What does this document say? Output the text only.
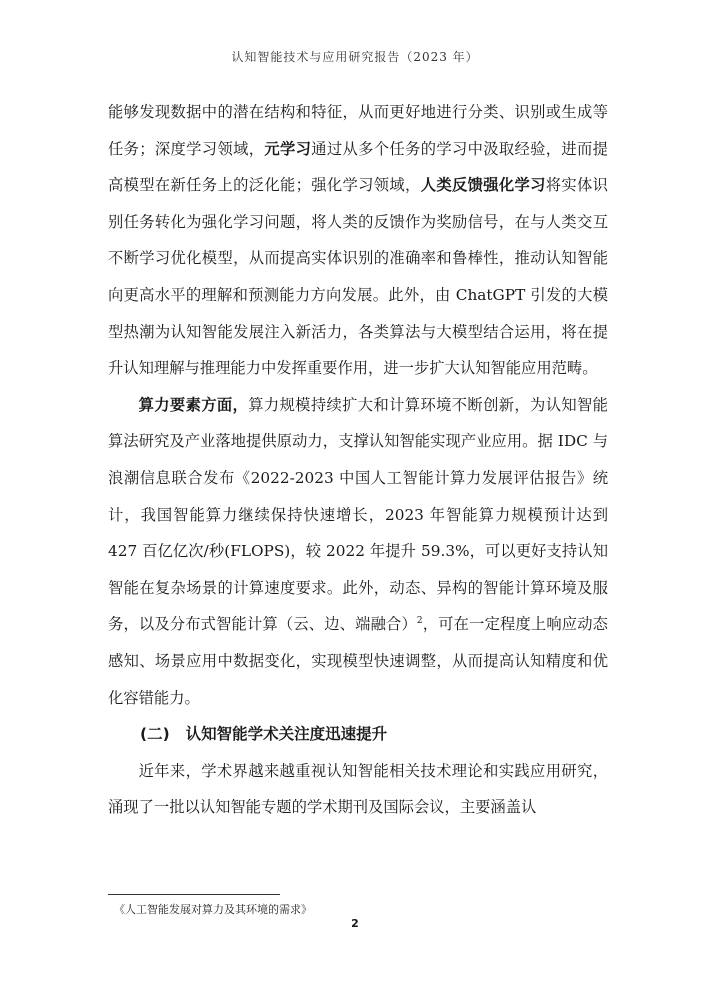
认知智能技术与应用研究报告（2023 年）

能够发现数据中的潜在结构和特征，从而更好地进行分类、识别或生成等任务；深度学习领域，元学习通过从多个任务的学习中汲取经验，进而提高模型在新任务上的泛化能；强化学习领域，人类反馈强化学习将实体识别任务转化为强化学习问题，将人类的反馈作为奖励信号，在与人类交互不断学习优化模型，从而提高实体识别的准确率和鲁棒性，推动认知智能向更高水平的理解和预测能力方向发展。此外，由 ChatGPT 引发的大模型热潮为认知智能发展注入新活力，各类算法与大模型结合运用，将在提升认知理解与推理能力中发挥重要作用，进一步扩大认知智能应用范畴。

算力要素方面，算力规模持续扩大和计算环境不断创新，为认知智能算法研究及产业落地提供原动力，支撑认知智能实现产业应用。据 IDC 与浪潮信息联合发布《2022-2023 中国人工智能计算力发展评估报告》统计，我国智能算力继续保持快速增长，2023 年智能算力规模预计达到 427 百亿亿次/秒(FLOPS)，较 2022 年提升 59.3%，可以更好支持认知智能在复杂场景的计算速度要求。此外，动态、异构的智能计算环境及服务，以及分布式智能计算（云、边、端融合）$^2$，可在一定程度上响应动态感知、场景应用中数据变化，实现模型快速调整，从而提高认知精度和优化容错能力。

(二) 认知智能学术关注度迅速提升

近年来，学术界越来越重视认知智能相关技术理论和实践应用研究，涌现了一批以认知智能专题的学术期刊及国际会议，主要涵盖认

《人工智能发展对算力及其环境的需求》
2
